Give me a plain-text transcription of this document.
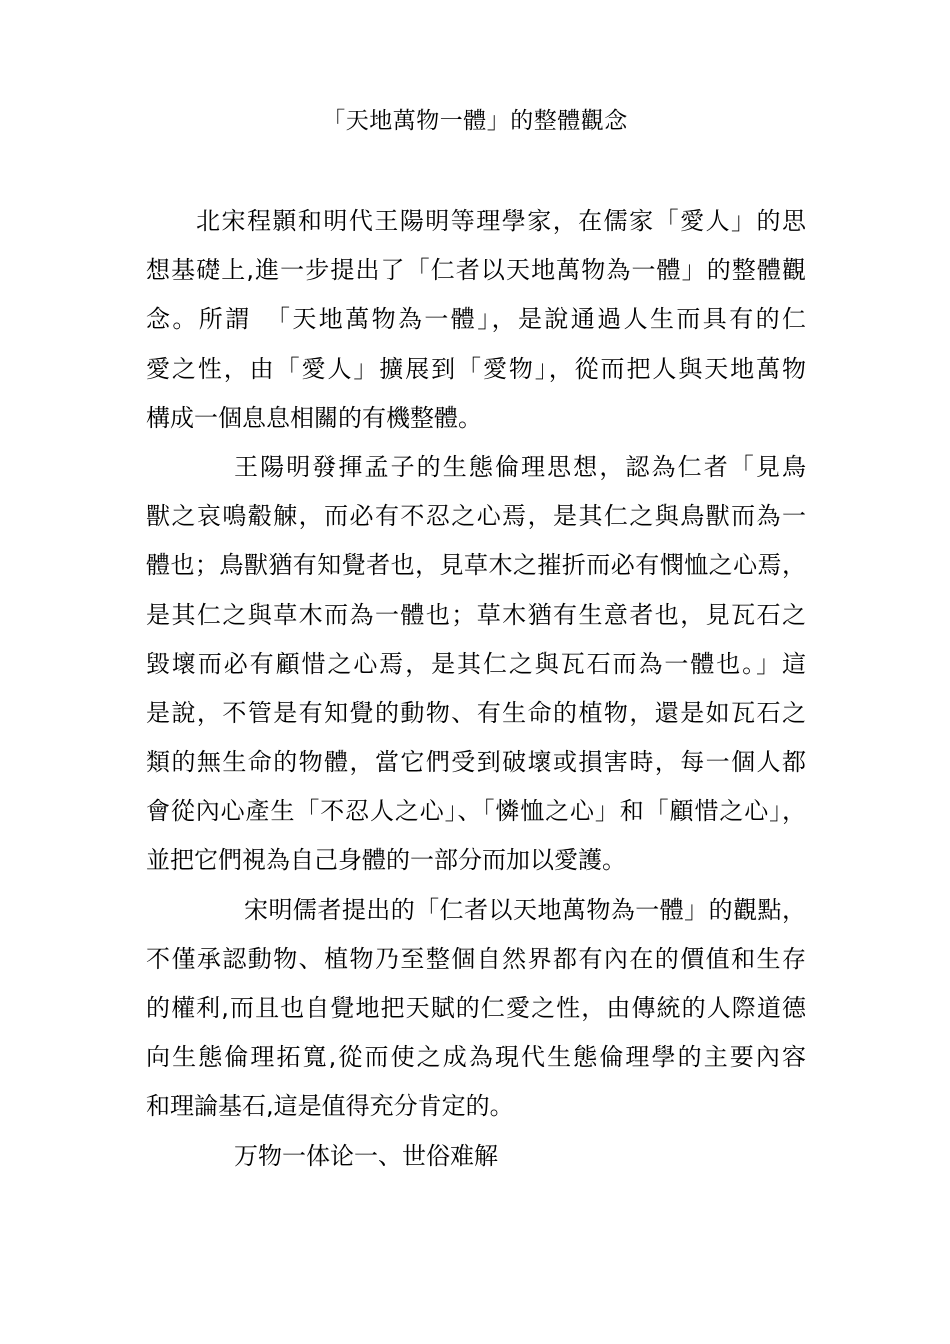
「天地萬物一體」的整體觀念
北宋程顥和明代王陽明等理學家，在儒家「愛人」的思
想基礎上,進一步提出了「仁者以天地萬物為一體」的整體觀
念。所謂　「天地萬物為一體」，是說通過人生而具有的仁
愛之性，由「愛人」擴展到「愛物」，從而把人與天地萬物
構成一個息息相關的有機整體。
王陽明發揮孟子的生態倫理思想，認為仁者「見鳥
獸之哀鳴觳觫，而必有不忍之心焉，是其仁之與鳥獸而為一
體也；鳥獸猶有知覺者也，見草木之摧折而必有憫恤之心焉，
是其仁之與草木而為一體也；草木猶有生意者也，見瓦石之
毀壞而必有顧惜之心焉，是其仁之與瓦石而為一體也。」這
是說，不管是有知覺的動物、有生命的植物，還是如瓦石之
類的無生命的物體，當它們受到破壞或損害時，每一個人都
會從內心產生「不忍人之心」、「憐恤之心」和「顧惜之心」，
並把它們視為自己身體的一部分而加以愛護。
宋明儒者提出的「仁者以天地萬物為一體」的觀點，
不僅承認動物、植物乃至整個自然界都有內在的價值和生存
的權利,而且也自覺地把天賦的仁愛之性，由傳統的人際道德
向生態倫理拓寬,從而使之成為現代生態倫理學的主要內容
和理論基石,這是值得充分肯定的。
万物一体论一、世俗难解
